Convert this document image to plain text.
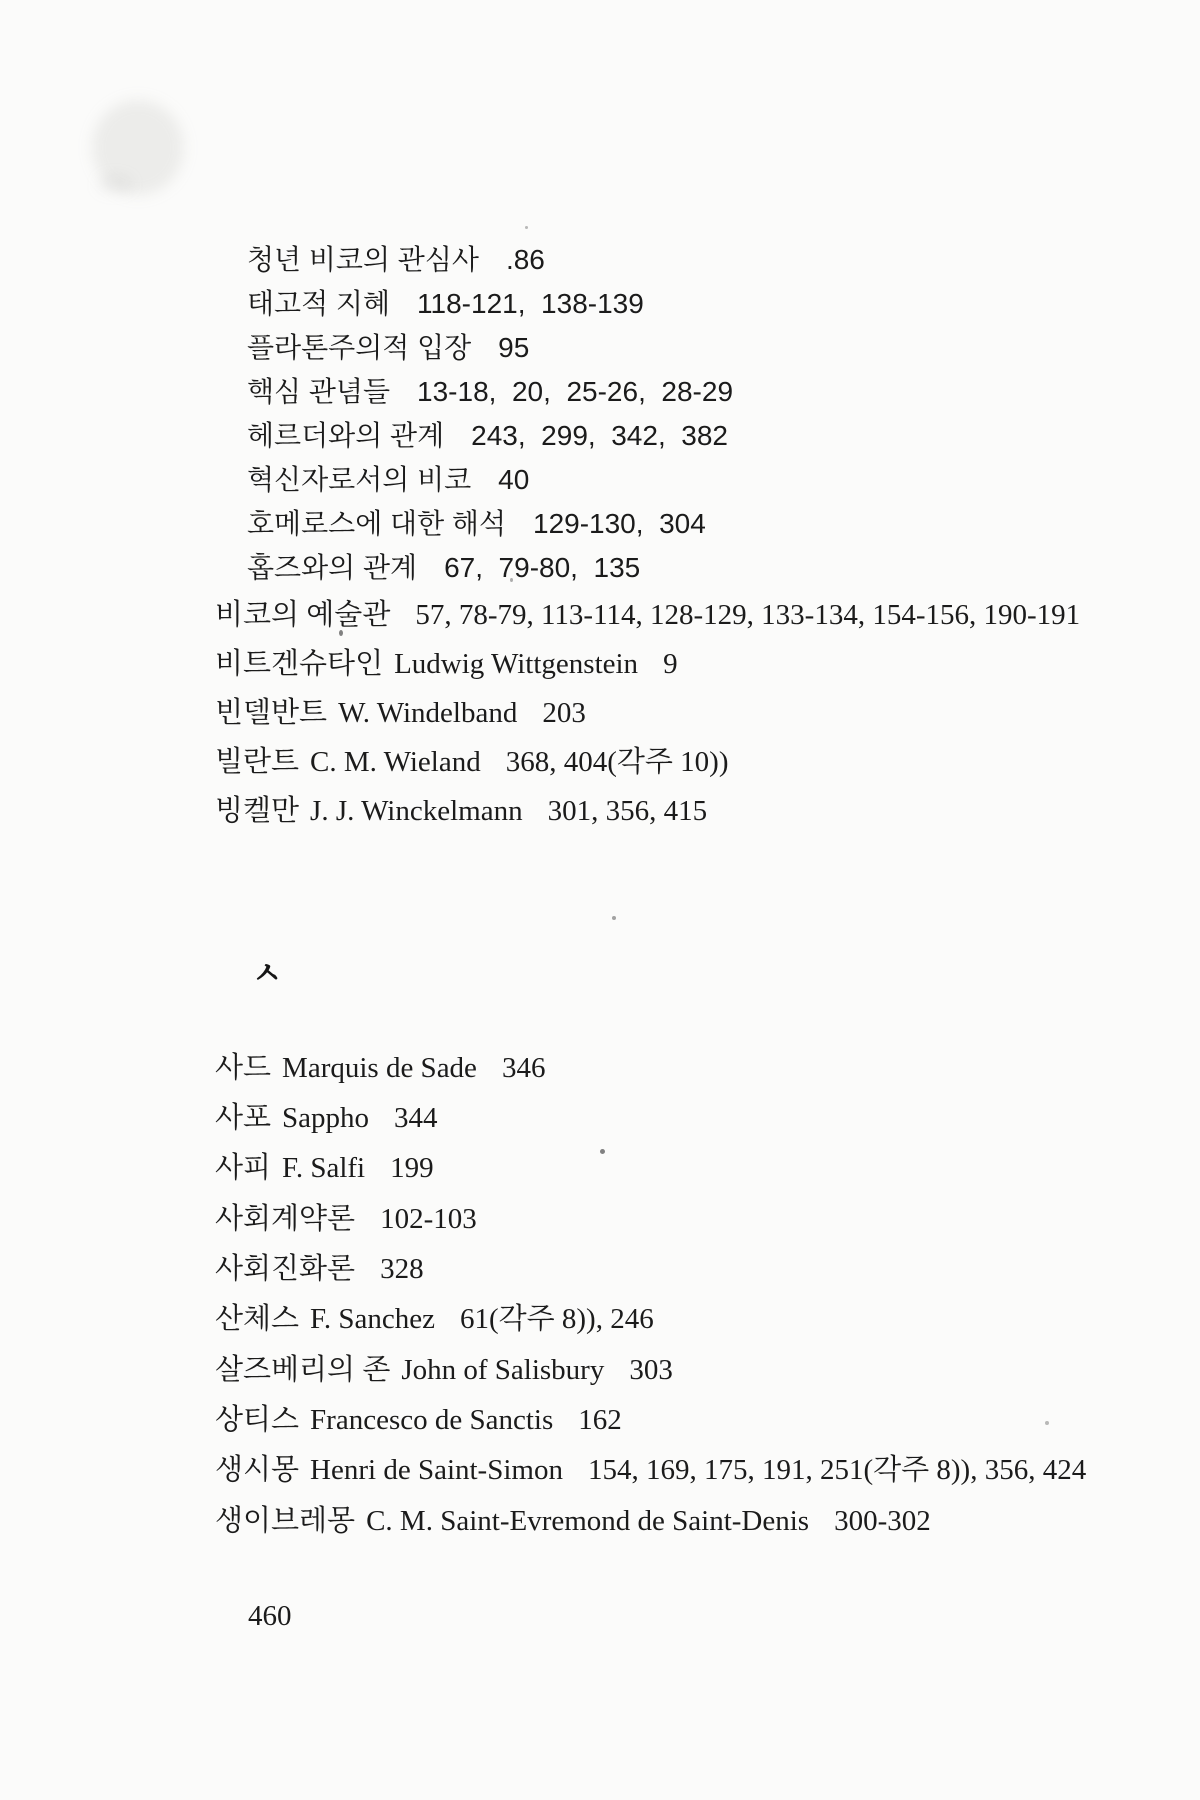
청년 비코의 관심사 .86
태고적 지혜 118-121,  138-139
플라톤주의적 입장 95
핵심 관념들 13-18,  20,  25-26,  28-29
헤르더와의 관계 243,  299,  342,  382
혁신자로서의 비코 40
호메로스에 대한 해석 129-130,  304
홉즈와의 관계 67,  79-80,  135
비코의 예술관 57, 78-79, 113-114, 128-129, 133-134, 154-156, 190-191
비트겐슈타인 Ludwig Wittgenstein 9
빈델반트 W. Windelband 203
빌란트 C. M. Wieland 368, 404(각주 10))
빙켈만 J. J. Winckelmann 301, 356, 415
ㅅ
사드 Marquis de Sade 346
사포 Sappho 344
사피 F. Salfi 199
사회계약론 102-103
사회진화론 328
산체스 F. Sanchez 61(각주 8)), 246
살즈베리의 존 John of Salisbury 303
상티스 Francesco de Sanctis 162
생시몽 Henri de Saint-Simon 154, 169, 175, 191, 251(각주 8)), 356, 424
생이브레몽 C. M. Saint-Evremond de Saint-Denis 300-302
460
